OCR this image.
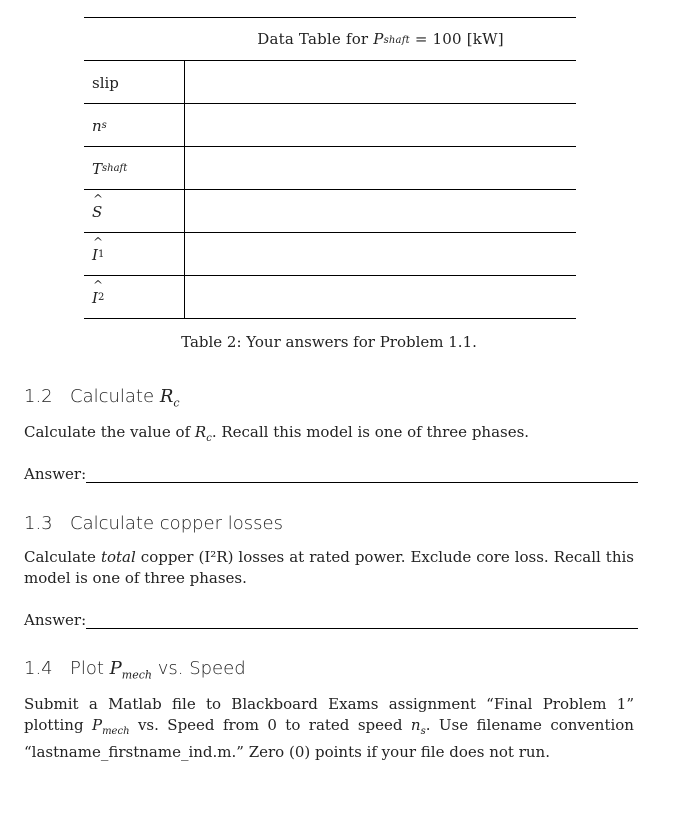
Data Table for
P shaft
= 100 [kW]
slip
n s
T shaft
^ S
^ I 1
^ I 2
Table 2: Your answers for Problem 1.1.
1.2 Calculate $R_c$
Calculate the value of $R_c$. Recall this model is one of three phases.
Answer:
1.3 Calculate copper losses
Calculate total copper (I²R) losses at rated power. Exclude core loss. Recall this model is one of three phases.
Answer:
1.4 Plot $P_{mech}$ vs. Speed
Submit a Matlab file to Blackboard Exams assignment “Final Problem 1” plotting $P_{mech}$ vs. Speed from 0 to rated speed $n_s$. Use filename convention “lastname_firstname_ind.m.” Zero (0) points if your file does not run.
